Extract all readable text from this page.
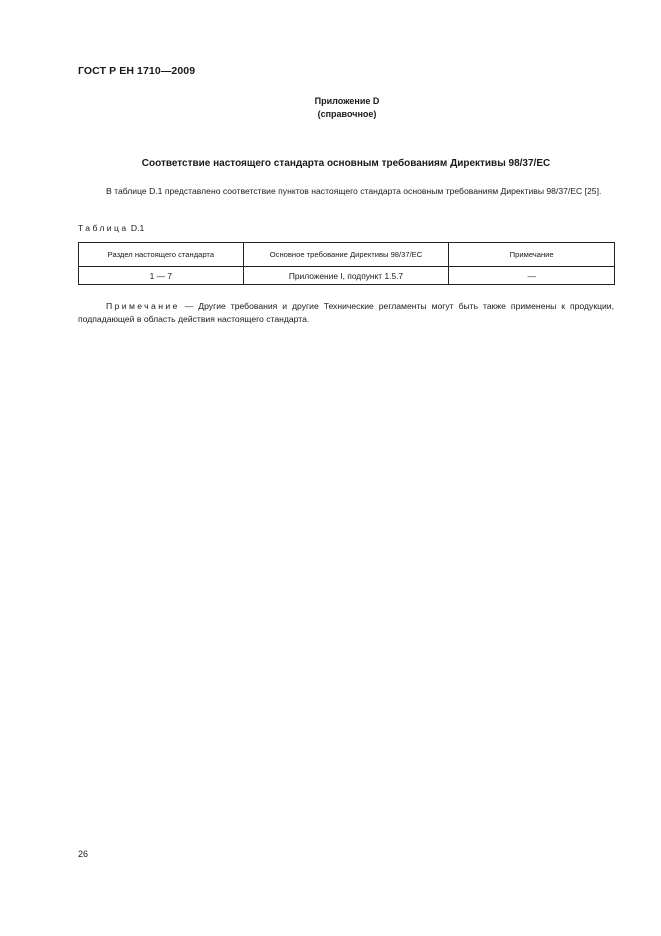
ГОСТ Р ЕН 1710—2009
Приложение D
(справочное)
Соответствие настоящего стандарта основным требованиям Директивы 98/37/ЕС
В таблице D.1 представлено соответствие пунктов настоящего стандарта основным требованиям Директивы 98/37/ЕС [25].
Таблица D.1
Раздел настоящего стандарта	Основное требование Директивы 98/37/ЕС	Примечание
1 — 7	Приложение I, подпункт 1.5.7	—
Примечание — Другие требования и другие Технические регламенты могут быть также применены к продукции, подпадающей в область действия настоящего стандарта.
26
